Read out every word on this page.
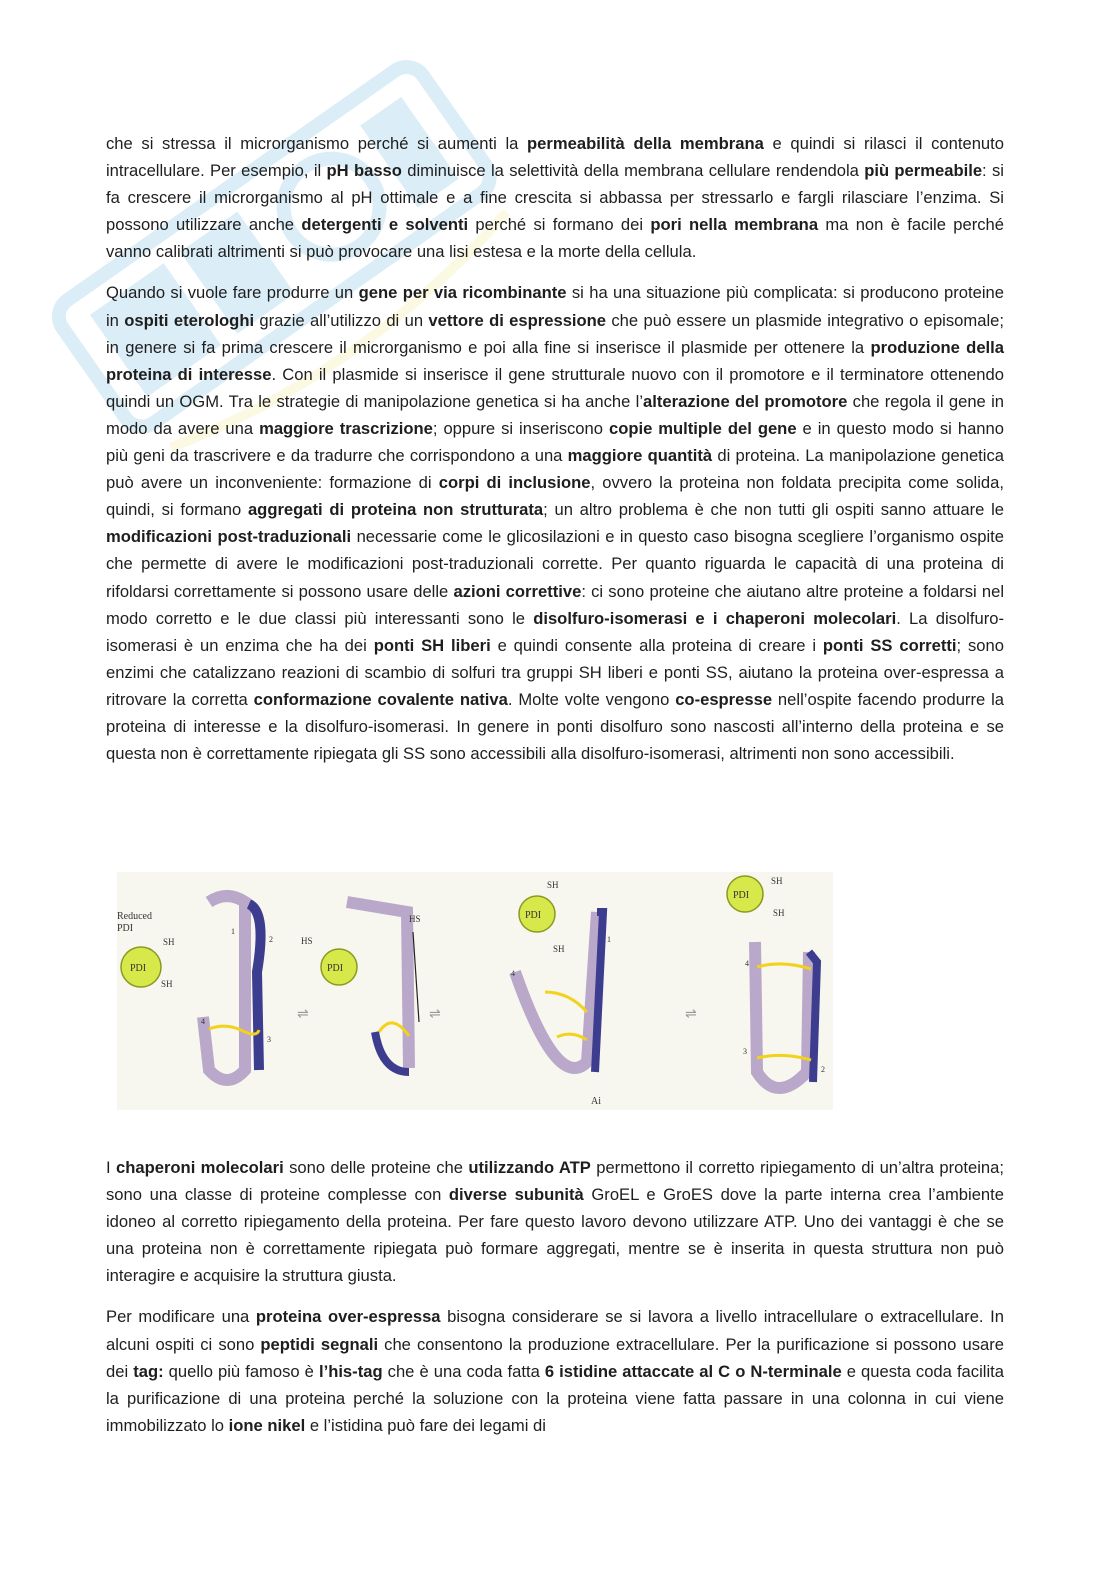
che si stressa il microrganismo perché si aumenti la permeabilità della membrana e quindi si rilasci il contenuto intracellulare. Per esempio, il pH basso diminuisce la selettività della membrana cellulare rendendola più permeabile: si fa crescere il microrganismo al pH ottimale e a fine crescita si abbassa per stressarlo e fargli rilasciare l’enzima. Si possono utilizzare anche detergenti e solventi perché si formano dei pori nella membrana ma non è facile perché vanno calibrati altrimenti si può provocare una lisi estesa e la morte della cellula.

Quando si vuole fare produrre un gene per via ricombinante si ha una situazione più complicata: si producono proteine in ospiti eterologhi grazie all’utilizzo di un vettore di espressione che può essere un plasmide integrativo o episomale; in genere si fa prima crescere il microrganismo e poi alla fine si inserisce il plasmide per ottenere la produzione della proteina di interesse. Con il plasmide si inserisce il gene strutturale nuovo con il promotore e il terminatore ottenendo quindi un OGM. Tra le strategie di manipolazione genetica si ha anche l’alterazione del promotore che regola il gene in modo da avere una maggiore trascrizione; oppure si inseriscono copie multiple del gene e in questo modo si hanno più geni da trascrivere e da tradurre che corrispondono a una maggiore quantità di proteina. La manipolazione genetica può avere un inconveniente: formazione di corpi di inclusione, ovvero la proteina non foldata precipita come solida, quindi, si formano aggregati di proteina non strutturata; un altro problema è che non tutti gli ospiti sanno attuare le modificazioni post-traduzionali necessarie come le glicosilazioni e in questo caso bisogna scegliere l’organismo ospite che permette di avere le modificazioni post-traduzionali corrette. Per quanto riguarda le capacità di una proteina di rifoldarsi correttamente si possono usare delle azioni correttive: ci sono proteine che aiutano altre proteine a foldarsi nel modo corretto e le due classi più interessanti sono le disolfuro-isomerasi e i chaperoni molecolari. La disolfuro-isomerasi è un enzima che ha dei ponti SH liberi e quindi consente alla proteina di creare i ponti SS corretti; sono enzimi che catalizzano reazioni di scambio di solfuri tra gruppi SH liberi e ponti SS, aiutano la proteina over-espressa a ritrovare la corretta conformazione covalente nativa. Molte volte vengono co-espresse nell’ospite facendo produrre la proteina di interesse e la disolfuro-isomerasi. In genere in ponti disolfuro sono nascosti all’interno della proteina e se questa non è correttamente ripiegata gli SS sono accessibili alla disolfuro-isomerasi, altrimenti non sono accessibili.

Reduced
PDI
PDI
SH
SH
1
2
4
3
⇌
HS
PDI
HS
⇌
SH
PDI
SH
4
1
⇌
PDI
SH
SH
4
3
2
Ai

I chaperoni molecolari sono delle proteine che utilizzando ATP permettono il corretto ripiegamento di un’altra proteina; sono una classe di proteine complesse con diverse subunità GroEL e GroES dove la parte interna crea l’ambiente idoneo al corretto ripiegamento della proteina. Per fare questo lavoro devono utilizzare ATP. Uno dei vantaggi è che se una proteina non è correttamente ripiegata può formare aggregati, mentre se è inserita in questa struttura non può interagire e acquisire la struttura giusta.

Per modificare una proteina over-espressa bisogna considerare se si lavora a livello intracellulare o extracellulare. In alcuni ospiti ci sono peptidi segnali che consentono la produzione extracellulare. Per la purificazione si possono usare dei tag: quello più famoso è l’his-tag che è una coda fatta 6 istidine attaccate al C o N-terminale e questa coda facilita la purificazione di una proteina perché la soluzione con la proteina viene fatta passare in una colonna in cui viene immobilizzato lo ione nikel e l’istidina può fare dei legami di
